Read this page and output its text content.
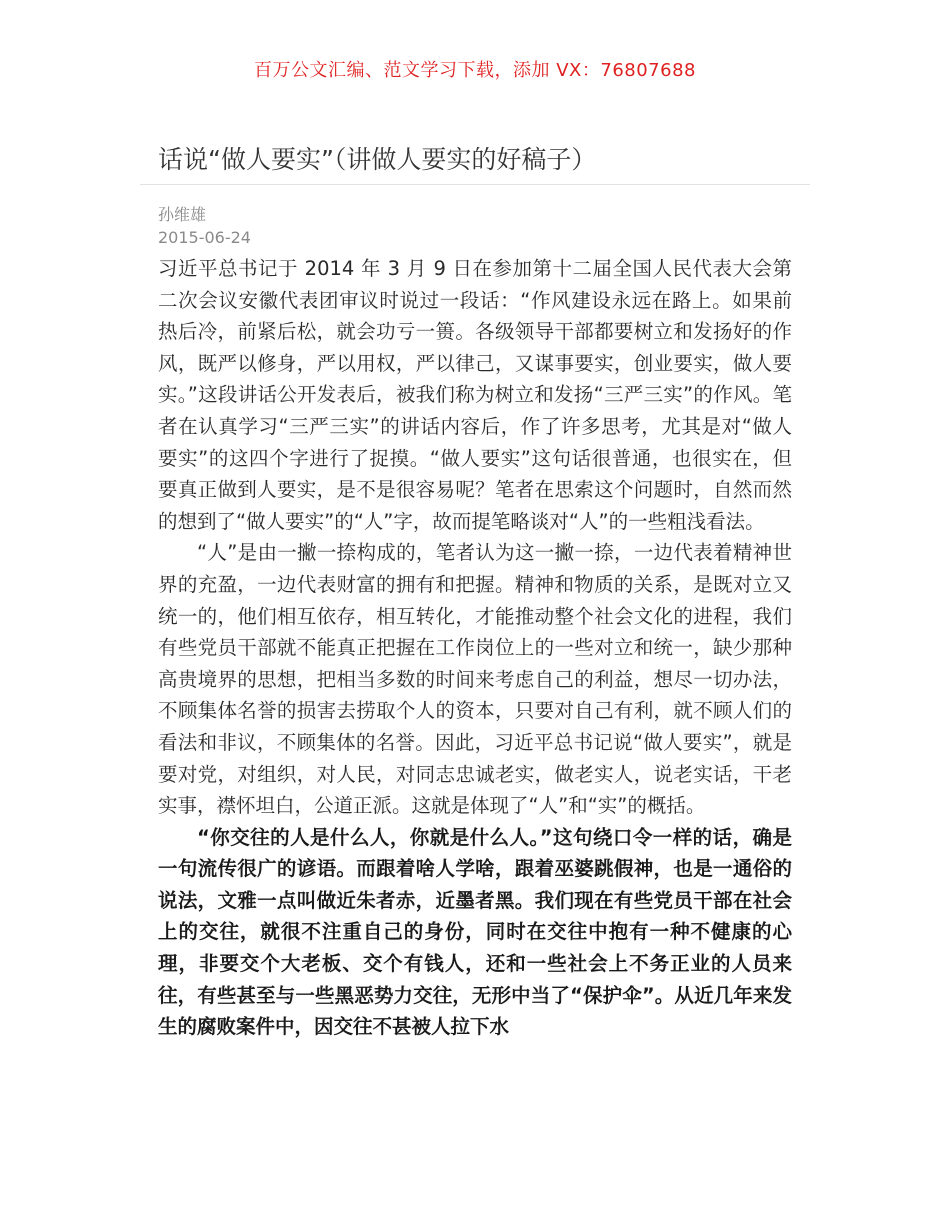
百万公文汇编、范文学习下载，添加 VX：76807688
话说“做人要实”（讲做人要实的好稿子）
孙维雄
2015-06-24

习近平总书记于 2014 年 3 月 9 日在参加第十二届全国人民代表大会第二次会议安徽代表团审议时说过一段话：“作风建设永远在路上。如果前热后冷，前紧后松，就会功亏一篑。各级领导干部都要树立和发扬好的作风，既严以修身，严以用权，严以律己，又谋事要实，创业要实，做人要实。”这段讲话公开发表后，被我们称为树立和发扬“三严三实”的作风。笔者在认真学习“三严三实”的讲话内容后，作了许多思考，尤其是对“做人要实”的这四个字进行了捉摸。“做人要实”这句话很普通，也很实在，但要真正做到人要实，是不是很容易呢？笔者在思索这个问题时，自然而然的想到了“做人要实”的“人”字，故而提笔略谈对“人”的一些粗浅看法。

“人”是由一撇一捺构成的，笔者认为这一撇一捺，一边代表着精神世界的充盈，一边代表财富的拥有和把握。精神和物质的关系，是既对立又统一的，他们相互依存，相互转化，才能推动整个社会文化的进程，我们有些党员干部就不能真正把握在工作岗位上的一些对立和统一，缺少那种高贵境界的思想，把相当多数的时间来考虑自己的利益，想尽一切办法，不顾集体名誉的损害去捞取个人的资本，只要对自己有利，就不顾人们的看法和非议，不顾集体的名誉。因此，习近平总书记说“做人要实”，就是要对党，对组织，对人民，对同志忠诚老实，做老实人，说老实话，干老实事，襟怀坦白，公道正派。这就是体现了“人”和“实”的概括。

“你交往的人是什么人，你就是什么人。”这句绕口令一样的话，确是一句流传很广的谚语。而跟着啥人学啥，跟着巫婆跳假神，也是一通俗的说法，文雅一点叫做近朱者赤，近墨者黑。我们现在有些党员干部在社会上的交往，就很不注重自己的身份，同时在交往中抱有一种不健康的心理，非要交个大老板、交个有钱人，还和一些社会上不务正业的人员来往，有些甚至与一些黑恶势力交往，无形中当了“保护伞”。从近几年来发生的腐败案件中，因交往不甚被人拉下水
